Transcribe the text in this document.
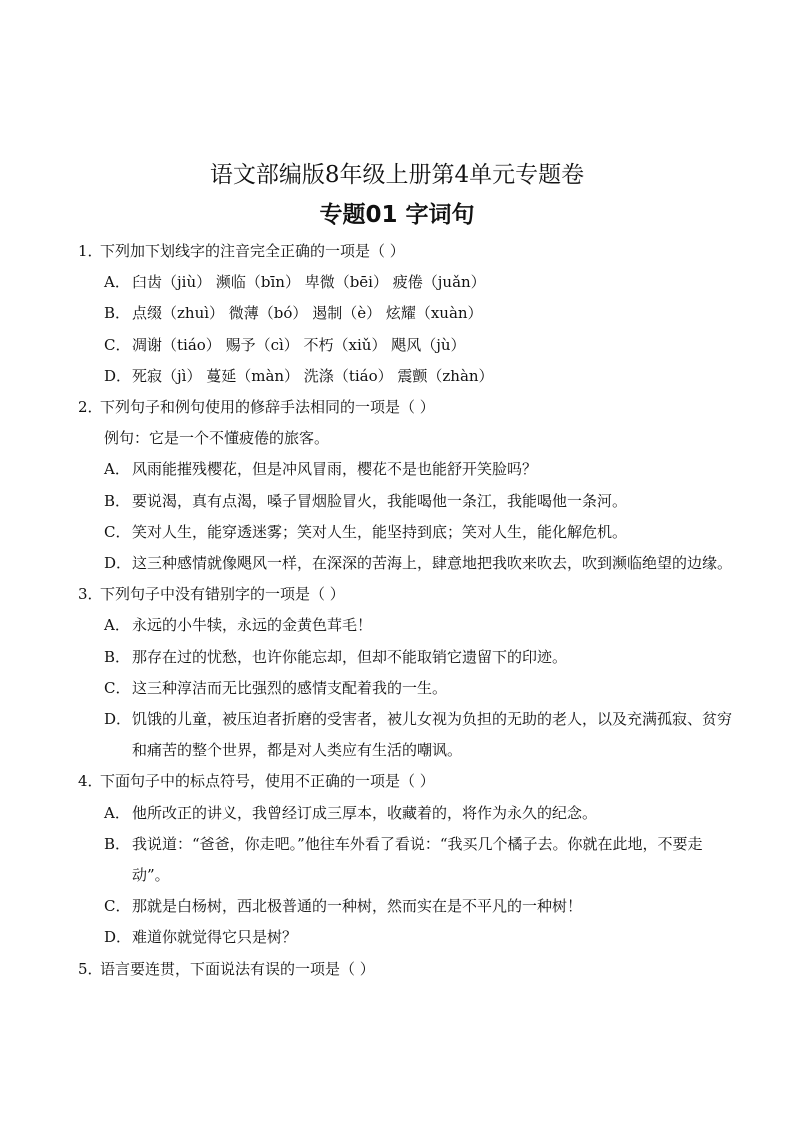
语文部编版8年级上册第4单元专题卷
专题01 字词句
1．下列加下划线字的注音完全正确的一项是（ ）
A． 臼齿（jiù） 濒临（bīn） 卑微（bēi） 疲倦（juǎn）
B． 点缀（zhuì） 微薄（bó） 遏制（è） 炫耀（xuàn）
C． 凋谢（tiáo） 赐予（cì） 不朽（xiǔ） 飓风（jù）
D． 死寂（jì） 蔓延（màn） 洗涤（tiáo） 震颤（zhàn）
2．下列句子和例句使用的修辞手法相同的一项是（ ）
例句：它是一个不懂疲倦的旅客。
A． 风雨能摧残樱花，但是冲风冒雨，樱花不是也能舒开笑脸吗？
B． 要说渴，真有点渴，嗓子冒烟脸冒火，我能喝他一条江，我能喝他一条河。
C． 笑对人生，能穿透迷雾；笑对人生，能坚持到底；笑对人生，能化解危机。
D． 这三种感情就像飓风一样，在深深的苦海上，肆意地把我吹来吹去，吹到濒临绝望的边缘。
3．下列句子中没有错别字的一项是（ ）
A． 永远的小牛犊，永远的金黄色茸毛！
B． 那存在过的忧愁，也许你能忘却，但却不能取销它遗留下的印迹。
C． 这三种淳洁而无比强烈的感情支配着我的一生。
D． 饥饿的儿童，被压迫者折磨的受害者，被儿女视为负担的无助的老人，以及充满孤寂、贫穷和痛苦的整个世界，都是对人类应有生活的嘲讽。
4．下面句子中的标点符号，使用不正确的一项是（ ）
A． 他所改正的讲义，我曾经订成三厚本，收藏着的，将作为永久的纪念。
B． 我说道：“爸爸，你走吧。”他往车外看了看说：“我买几个橘子去。你就在此地，不要走动”。
C． 那就是白杨树，西北极普通的一种树，然而实在是不平凡的一种树！
D． 难道你就觉得它只是树？
5．语言要连贯，下面说法有误的一项是（ ）
